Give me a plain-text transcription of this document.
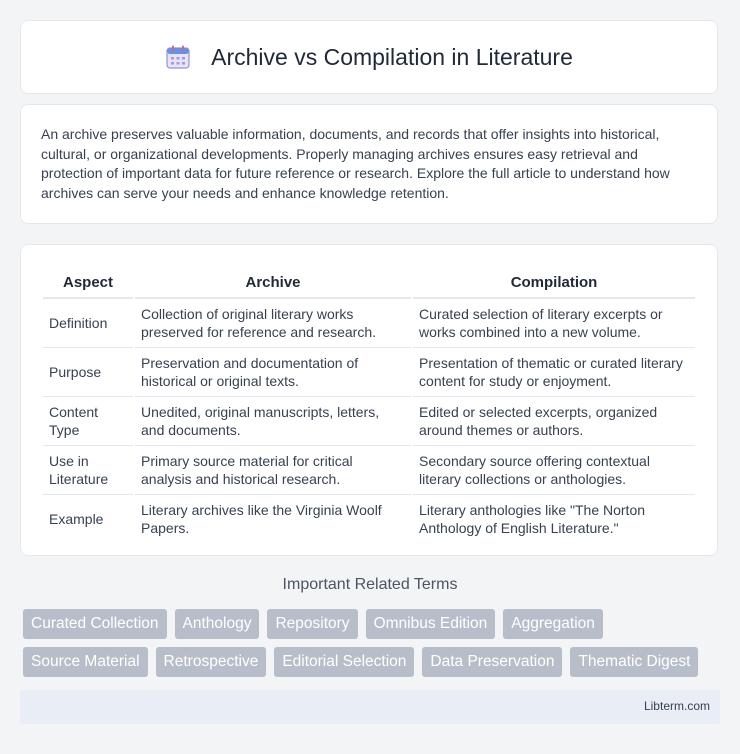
Archive vs Compilation in Literature

An archive preserves valuable information, documents, and records that offer insights into historical, cultural, or organizational developments. Properly managing archives ensures easy retrieval and protection of important data for future reference or research. Explore the full article to understand how archives can serve your needs and enhance knowledge retention.

Aspect	Archive	Compilation
Definition	Collection of original literary works preserved for reference and research.	Curated selection of literary excerpts or works combined into a new volume.
Purpose	Preservation and documentation of historical or original texts.	Presentation of thematic or curated literary content for study or enjoyment.
Content Type	Unedited, original manuscripts, letters, and documents.	Edited or selected excerpts, organized around themes or authors.
Use in Literature	Primary source material for critical analysis and historical research.	Secondary source offering contextual literary collections or anthologies.
Example	Literary archives like the Virginia Woolf Papers.	Literary anthologies like "The Norton Anthology of English Literature."
Important Related Terms
Curated Collection	Anthology	Repository	Omnibus Edition	Aggregation
Source Material	Retrospective	Editorial Selection	Data Preservation	Thematic Digest
Libterm.com
